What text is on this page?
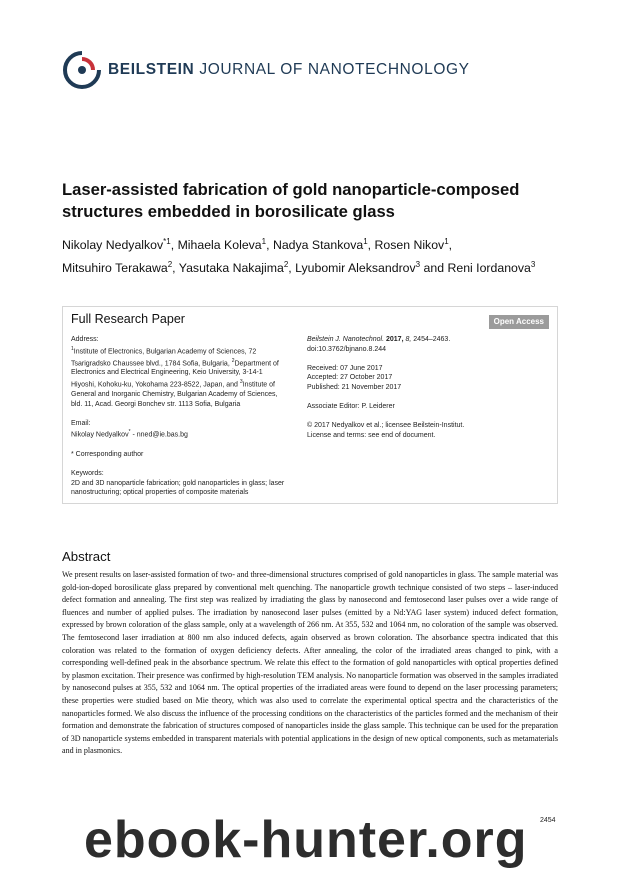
BEILSTEIN JOURNAL OF NANOTECHNOLOGY
Laser-assisted fabrication of gold nanoparticle-composed structures embedded in borosilicate glass
Nikolay Nedyalkov$^{*1}$, Mihaela Koleva$^1$, Nadya Stankova$^1$, Rosen Nikov$^1$,
Mitsuhiro Terakawa$^2$, Yasutaka Nakajima$^2$, Lyubomir Aleksandrov$^3$ and Reni Iordanova$^3$
Full Research Paper	Open Access

Address:

$^1$Institute of Electronics, Bulgarian Academy of Sciences, 72

Tsarigradsko Chaussee blvd., 1784 Sofia, Bulgaria, $^2$Department of

Electronics and Electrical Engineering, Keio University, 3-14-1

Hiyoshi, Kohoku-ku, Yokohama 223-8522, Japan, and $^3$Institute of

General and Inorganic Chemistry, Bulgarian Academy of Sciences,

bld. 11, Acad. Georgi Bonchev str. 1113 Sofia, Bulgaria

Email:

Nikolay Nedyalkov* - nned@ie.bas.bg

* Corresponding author

Keywords:

2D and 3D nanoparticle fabrication; gold nanoparticles in glass; laser

nanostructuring; optical properties of composite materials

Beilstein J. Nanotechnol. 2017, 8, 2454–2463.

doi:10.3762/bjnano.8.244

Received: 07 June 2017

Accepted: 27 October 2017

Published: 21 November 2017

Associate Editor: P. Leiderer

© 2017 Nedyalkov et al.; licensee Beilstein-Institut.

License and terms: see end of document.

Abstract

We present results on laser-assisted formation of two- and three-dimensional structures comprised of gold nanoparticles in glass. The sample material was gold-ion-doped borosilicate glass prepared by conventional melt quenching. The nanoparticle growth technique consisted of two steps – laser-induced defect formation and annealing. The first step was realized by irradiating the glass by nanosecond and femtosecond laser pulses over a wide range of fluences and number of applied pulses. The irradiation by nanosecond laser pulses (emitted by a Nd:YAG laser system) induced defect formation, expressed by brown coloration of the glass sample, only at a wavelength of 266 nm. At 355, 532 and 1064 nm, no coloration of the sample was observed. The femtosecond laser irradiation at 800 nm also induced defects, again observed as brown coloration. The absorbance spectra indicated that this coloration was related to the formation of oxygen deficiency defects. After annealing, the color of the irradiated areas changed to pink, with a corresponding well-defined peak in the absorbance spectrum. We relate this effect to the formation of gold nanoparticles with optical properties defined by plasmon excitation. Their presence was confirmed by high-resolution TEM analysis. No nanoparticle formation was observed in the samples irradiated by nanosecond pulses at 355, 532 and 1064 nm. The optical properties of the irradiated areas were found to depend on the laser processing parameters; these properties were studied based on Mie theory, which was also used to correlate the experimental optical spectra and the characteristics of the nanoparticles formed. We also discuss the influence of the processing conditions on the characteristics of the particles formed and the mechanism of their formation and demonstrate the fabrication of structures composed of nanoparticles inside the glass sample. This technique can be used for the preparation of 3D nanoparticle systems embedded in transparent materials with potential applications in the design of new optical components, such as metamaterials and in plasmonics.

2454
ebook-hunter.org
